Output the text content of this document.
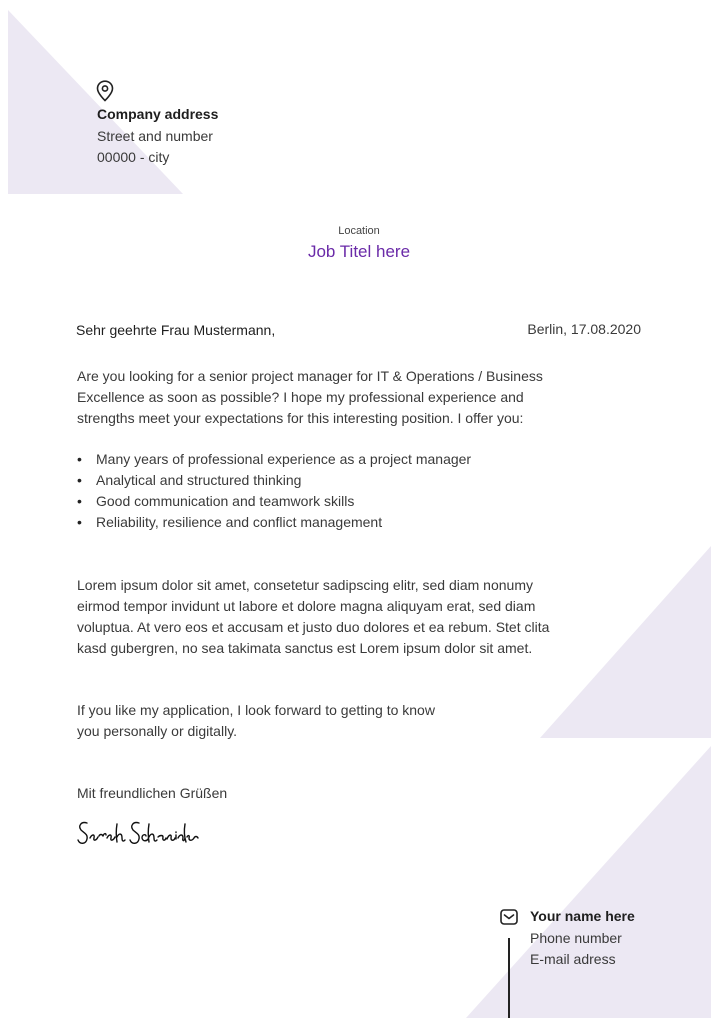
Company address
Street and number
00000 - city
Location
Job Titel here
Sehr geehrte Frau Mustermann,	Berlin, 17.08.2020
Are you looking for a senior project manager for IT & Operations / Business Excellence as soon as possible? I hope my professional experience and strengths meet your expectations for this interesting position. I offer you:
• Many years of professional experience as a project manager
• Analytical and structured thinking
• Good communication and teamwork skills
• Reliability, resilience and conflict management
Lorem ipsum dolor sit amet, consetetur sadipscing elitr, sed diam nonumy eirmod tempor invidunt ut labore et dolore magna aliquyam erat, sed diam voluptua. At vero eos et accusam et justo duo dolores et ea rebum. Stet clita kasd gubergren, no sea takimata sanctus est Lorem ipsum dolor sit amet.
If you like my application, I look forward to getting to know you personally or digitally.
Mit freundlichen Grüßen
Your name here
Phone number
E-mail adress
